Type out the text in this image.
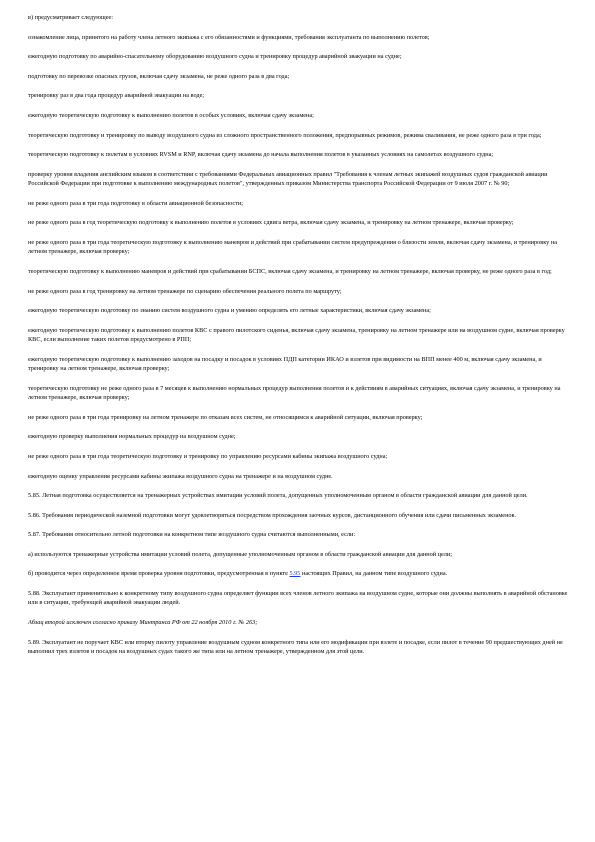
в) предусматривает следующее:

ознакомление лица, принятого на работу члена летного экипажа с его обязанностями и функциями, требования эксплуатанта по выполнению полетов;

ежегодную подготовку по аварийно-спасательному оборудованию воздушного судна и тренировку процедур аварийной эвакуации на судне;

подготовку по перевозке опасных грузов, включая сдачу экзамена, не реже одного раза в два года;

тренировку раз в два года процедур аварийной эвакуации на воде;

ежегодную теоретическую подготовку к выполнению полетов в особых условиях, включая сдачу экзамена;

теоретическую подготовку и тренировку по выводу воздушного судна из сложного пространственного положения, предпорывных режимов, режима сваливания, не реже одного раза в три года;

теоретическую подготовку к полетам в условиях RVSM и RNP, включая сдачу экзамена до начала выполнения полетов в указанных условиях на самолетах воздушного судна;

проверку уровня владения английским языком в соответствии с требованиями Федеральных авиационных правил "Требования к членам летных экипажей воздушных судов гражданской авиации Российской Федерации при подготовке к выполнению международных полетов", утвержденных приказом Министерства транспорта Российской Федерации от 9 июля 2007 г. № 90;

не реже одного раза в три года подготовку в области авиационной безопасности;

не реже одного раза в год теоретическую подготовку к выполнению полетов в условиях сдвига ветра, включая сдачу экзамена, и тренировку на летном тренажере, включая проверку;

не реже одного раза в три года теоретическую подготовку к выполнению маневров и действий при срабатывании систем предупреждения о близости земли, включая сдачу экзамена, и тренировку на летном тренажере, включая проверку;

теоретическую подготовку к выполнению маневров и действий при срабатывании БСПС, включая сдачу экзамена, и тренировку на летном тренажере, включая проверку, не реже одного раза в год;

не реже одного раза в год тренировку на летном тренажере по сценарию обеспечения реального полета по маршруту;

ежегодную теоретическую подготовку по знанию систем воздушного судна и умению определять его летные характеристики, включая сдачу экзамена;

ежегодную теоретическую подготовку к выполнению полетов КВС с правого пилотского сиденья, включая сдачу экзамена, тренировку на летном тренажере или на воздушном судне, включая проверку КВС, если выполнение таких полетов предусмотрено в РПП;

ежегодную теоретическую подготовку к выполнению заходов на посадку и посадок в условиях ПДП категории ИКАО и взлетов при видимости на ВПП менее 400 м, включая сдачу экзамена, и тренировку на летном тренажере, включая проверку;

теоретическую подготовку не реже одного раза в 7 месяцев к выполнению нормальных процедур выполнения полетов и к действиям в аварийных ситуациях, включая сдачу экзамена, и тренировку на летном тренажере, включая проверку;

не реже одного раза в три года тренировку на летном тренажере по отказам всех систем, не относящимся к аварийной ситуации, включая проверку;

ежегодную проверку выполнения нормальных процедур на воздушном судне;

не реже одного раза в три года теоретическую подготовку и тренировку по управлению ресурсами кабины экипажа воздушного судна;

ежегодную оценку управления ресурсами кабины экипажа воздушного судна на тренажере и на воздушном судне.

5.85. Летная подготовка осуществляется на тренажерных устройствах имитации условий полета, допущенных уполномоченным органом в области гражданской авиации для данной цели.

5.86. Требования периодической наземной подготовки могут удовлетворяться посредством прохождения заочных курсов, дистанционного обучения или сдачи письменных экзаменов.

5.87. Требования относительно летной подготовки на конкретном типе воздушного судна считаются выполненными, если:

а) используются тренажерные устройства имитации условий полета, допущенные уполномоченным органом в области гражданской авиации для данной цели;

б) проводится через определенное время проверка уровня подготовки, предусмотренная в пункте 5.95 настоящих Правил, на данном типе воздушного судна.

5.88. Эксплуатант применительно к конкретному типу воздушного судна определяет функции всех членов летного экипажа на воздушном судне, которые они должны выполнять в аварийной обстановке или в ситуации, требующей аварийной эвакуации людей.

Абзац второй исключен согласно приказу Минтранса РФ от 22 ноября 2010 г. № 263;

5.89. Эксплуатант не поручает КВС или вторму пилоту управление воздушным судном конкретного типа или его модификации при взлете и посадке, если пилот в течение 90 предшествующих дней не выполнил трех взлетов и посадок на воздушных судах такого же типа или на летном тренажере, утвержденном для этой цели.
